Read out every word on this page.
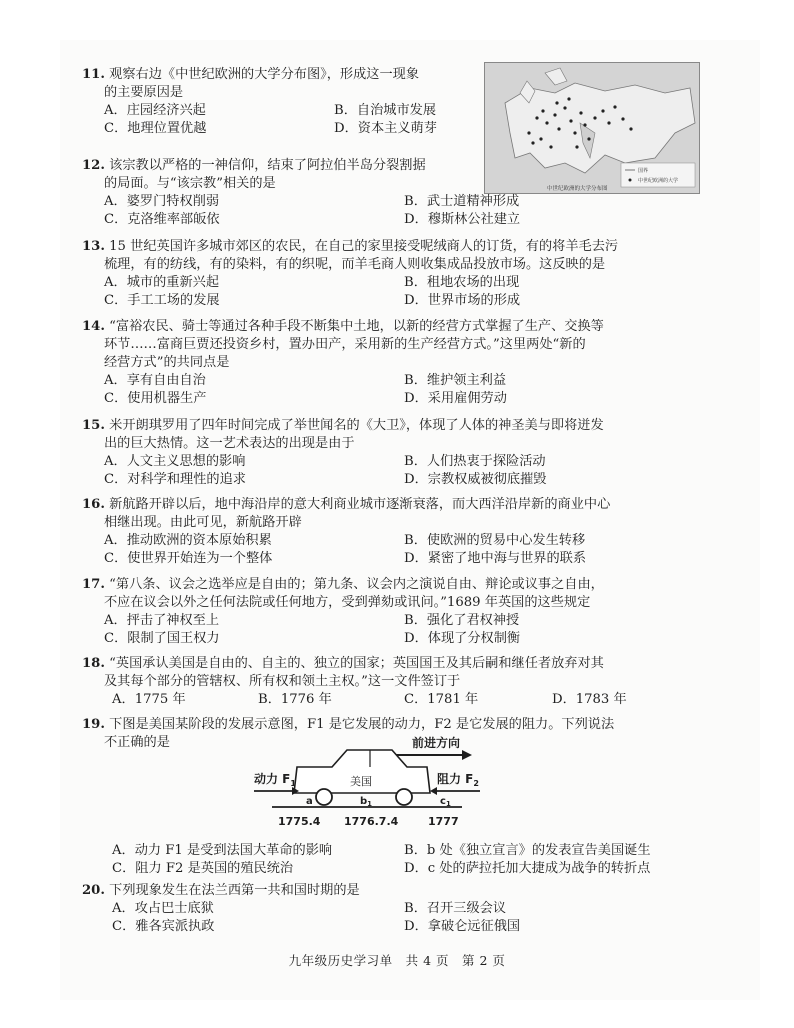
11. 观察右边《中世纪欧洲的大学分布图》，形成这一现象
的主要原因是
A．庄园经济兴起	B．自治城市发展
C．地理位置优越	D．资本主义萌芽
国界
中世纪欧洲的大学
中世纪欧洲的大学分布图
12. 该宗教以严格的一神信仰，结束了阿拉伯半岛分裂割据
的局面。与“该宗教”相关的是
A．婆罗门特权削弱	B．武士道精神形成
C．克洛维率部皈依	D．穆斯林公社建立
13. 15 世纪英国许多城市郊区的农民，在自己的家里接受呢绒商人的订货，有的将羊毛去污
梳理，有的纺线，有的染料，有的织呢，而羊毛商人则收集成品投放市场。这反映的是
A．城市的重新兴起	B．租地农场的出现
C．手工工场的发展	D．世界市场的形成
14. “富裕农民、骑士等通过各种手段不断集中土地，以新的经营方式掌握了生产、交换等
环节……富商巨贾还投资乡村，置办田产，采用新的生产经营方式。”这里两处“新的
经营方式”的共同点是
A．享有自由自治	B．维护领主利益
C．使用机器生产	D．采用雇佣劳动
15. 米开朗琪罗用了四年时间完成了举世闻名的《大卫》，体现了人体的神圣美与即将迸发
出的巨大热情。这一艺术表达的出现是由于
A．人文主义思想的影响	B．人们热衷于探险活动
C．对科学和理性的追求	D．宗教权威被彻底摧毁
16. 新航路开辟以后，地中海沿岸的意大利商业城市逐渐衰落，而大西洋沿岸新的商业中心
相继出现。由此可见，新航路开辟
A．推动欧洲的资本原始积累	B．使欧洲的贸易中心发生转移
C．使世界开始连为一个整体	D．紧密了地中海与世界的联系
17. “第八条、议会之选举应是自由的；第九条、议会内之演说自由、辩论或议事之自由，
不应在议会以外之任何法院或任何地方，受到弹劾或讯问。”1689 年英国的这些规定
A．抨击了神权至上	B．强化了君权神授
C．限制了国王权力	D．体现了分权制衡
18. “英国承认美国是自由的、自主的、独立的国家；英国国王及其后嗣和继任者放弃对其
及其每个部分的管辖权、所有权和领土主权。”这一文件签订于
A．1775 年	B．1776 年	C．1781 年	D．1783 年
19. 下图是美国某阶段的发展示意图，F1 是它发展的动力，F2 是它发展的阻力。下列说法
不正确的是	前进方向
美国
动力 $F_1$	阻力 $F_2$
a	$b_1$	$c_1$
1775.4 1776.7.4	1777
A．动力 F1 是受到法国大革命的影响	B．b 处《独立宣言》的发表宣告美国诞生
C．阻力 F2 是英国的殖民统治	D．c 处的萨拉托加大捷成为战争的转折点
20. 下列现象发生在法兰西第一共和国时期的是
A．攻占巴士底狱	B．召开三级会议
C．雅各宾派执政	D．拿破仑远征俄国
九年级历史学习单　共 4 页　第 2 页
